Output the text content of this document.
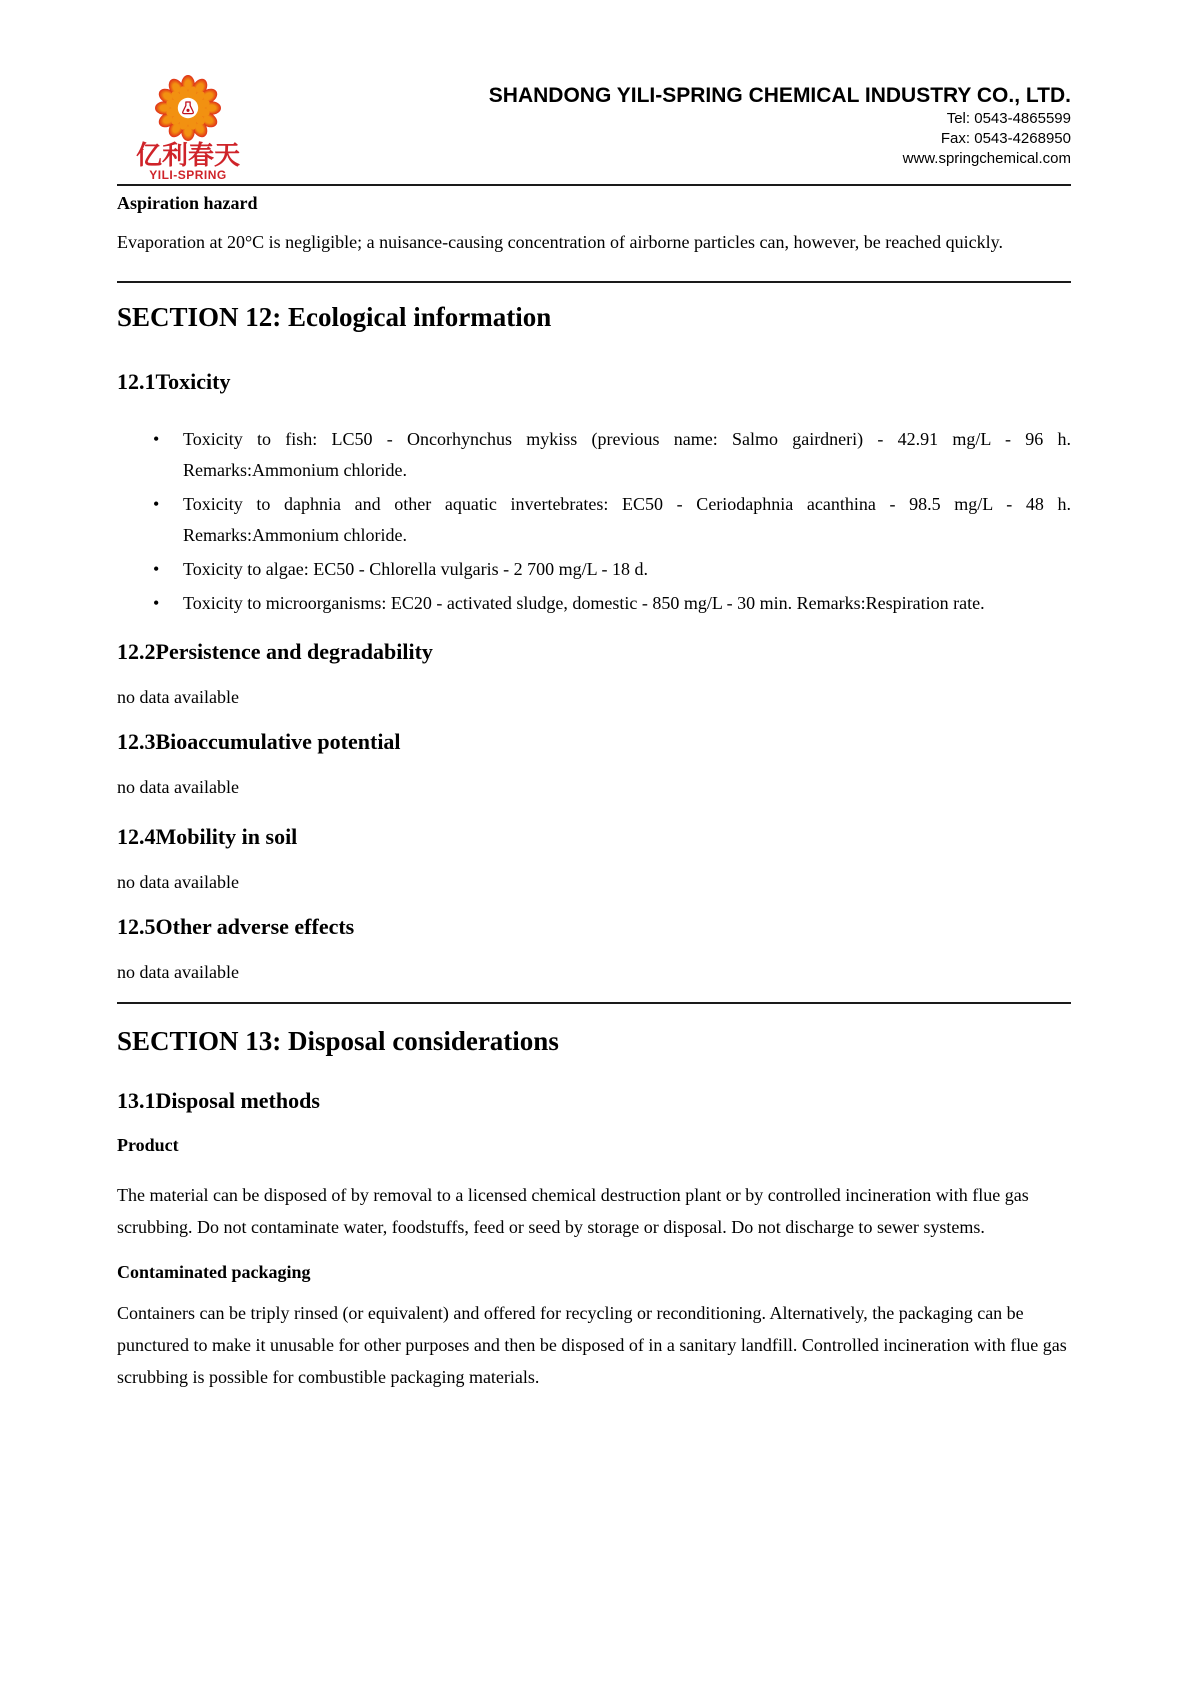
亿利春天
YILI-SPRING
SHANDONG YILI-SPRING CHEMICAL INDUSTRY CO., LTD.
Tel: 0543-4865599
Fax: 0543-4268950
www.springchemical.com
Aspiration hazard

Evaporation at 20°C is negligible; a nuisance-causing concentration of airborne particles can, however, be reached quickly.

SECTION 12: Ecological information
12.1Toxicity
• Toxicity to fish: LC50 - Oncorhynchus mykiss (previous name: Salmo gairdneri) - 42.91 mg/L - 96 h. Remarks:Ammonium chloride.
• Toxicity to daphnia and other aquatic invertebrates: EC50 - Ceriodaphnia acanthina - 98.5 mg/L - 48 h. Remarks:Ammonium chloride.
• Toxicity to algae: EC50 - Chlorella vulgaris - 2 700 mg/L - 18 d.
• Toxicity to microorganisms: EC20 - activated sludge, domestic - 850 mg/L - 30 min. Remarks:Respiration rate.
12.2Persistence and degradability

no data available

12.3Bioaccumulative potential

no data available

12.4Mobility in soil

no data available

12.5Other adverse effects

no data available

SECTION 13: Disposal considerations
13.1Disposal methods
Product

The material can be disposed of by removal to a licensed chemical destruction plant or by controlled incineration with flue gas scrubbing. Do not contaminate water, foodstuffs, feed or seed by storage or disposal. Do not discharge to sewer systems.

Contaminated packaging

Containers can be triply rinsed (or equivalent) and offered for recycling or reconditioning. Alternatively, the packaging can be punctured to make it unusable for other purposes and then be disposed of in a sanitary landfill. Controlled incineration with flue gas scrubbing is possible for combustible packaging materials.
